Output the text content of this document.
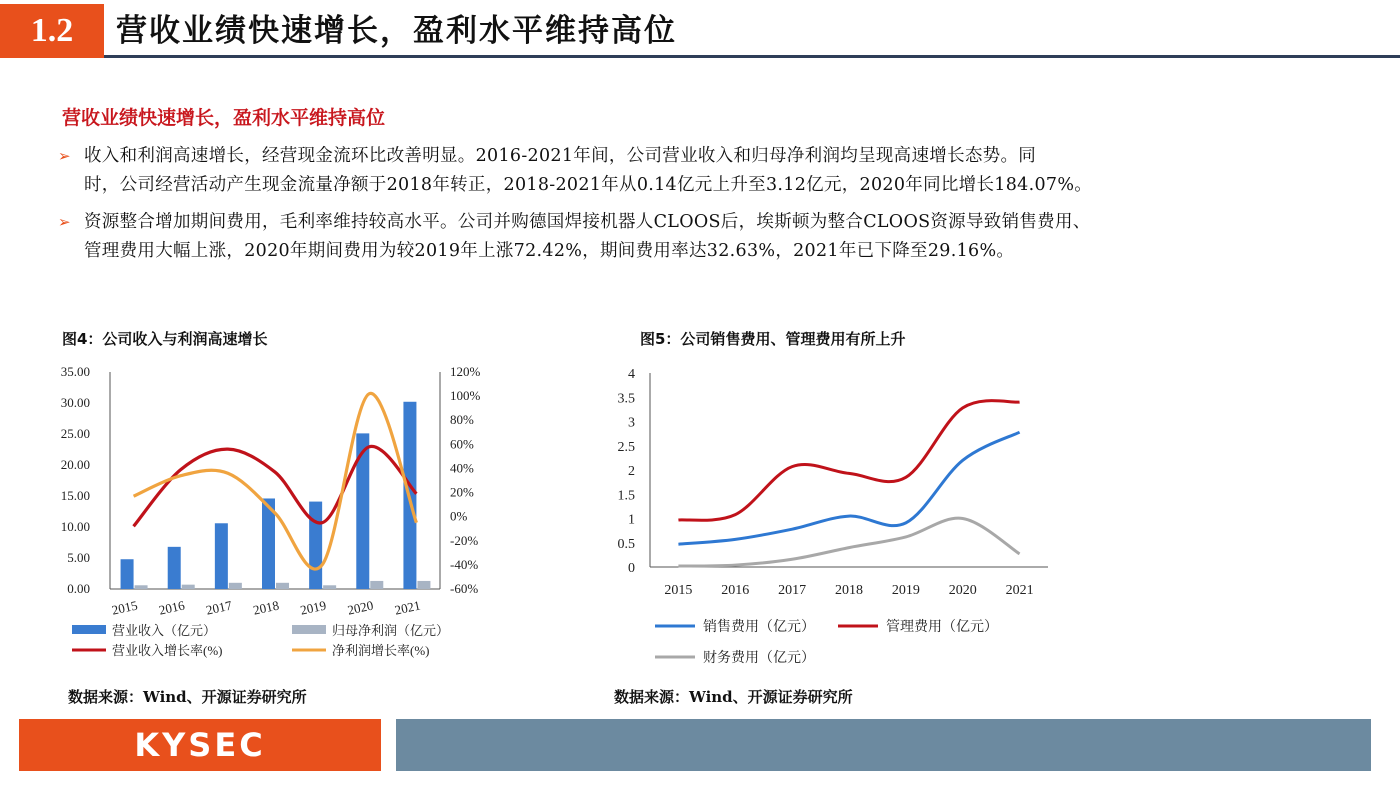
1.2	营收业绩快速增长，盈利水平维持高位
营收业绩快速增长，盈利水平维持高位
➢ 收入和利润高速增长，经营现金流环比改善明显。2016-2021年间，公司营业收入和归母净利润均呈现高速增长态势。同
时，公司经营活动产生现金流量净额于2018年转正，2018-2021年从0.14亿元上升至3.12亿元，2020年同比增长184.07%。
➢ 资源整合增加期间费用，毛利率维持较高水平。公司并购德国焊接机器人CLOOS后，埃斯顿为整合CLOOS资源导致销售费用、
管理费用大幅上涨，2020年期间费用为较2019年上涨72.42%，期间费用率达32.63%，2021年已下降至29.16%。
图4：公司收入与利润高速增长	图5：公司销售费用、管理费用有所上升
35.00
30.00
25.00
20.00
15.00
10.00
5.00
0.00
120%
100%
80%
60%
40%
20%
0%
-20%
-40%
-60%
2015 2016 2017 2018 2019 2020 2021
营业收入（亿元）	归母净利润（亿元）
营业收入增长率(%)	净利润增长率(%)
4
3.5
3
2.5
2
1.5
1
0.5
0
2015 2016 2017 2018 2019 2020 2021
销售费用（亿元）	管理费用（亿元）
财务费用（亿元）
数据来源：Wind、开源证券研究所	数据来源：Wind、开源证券研究所
KYSEC
